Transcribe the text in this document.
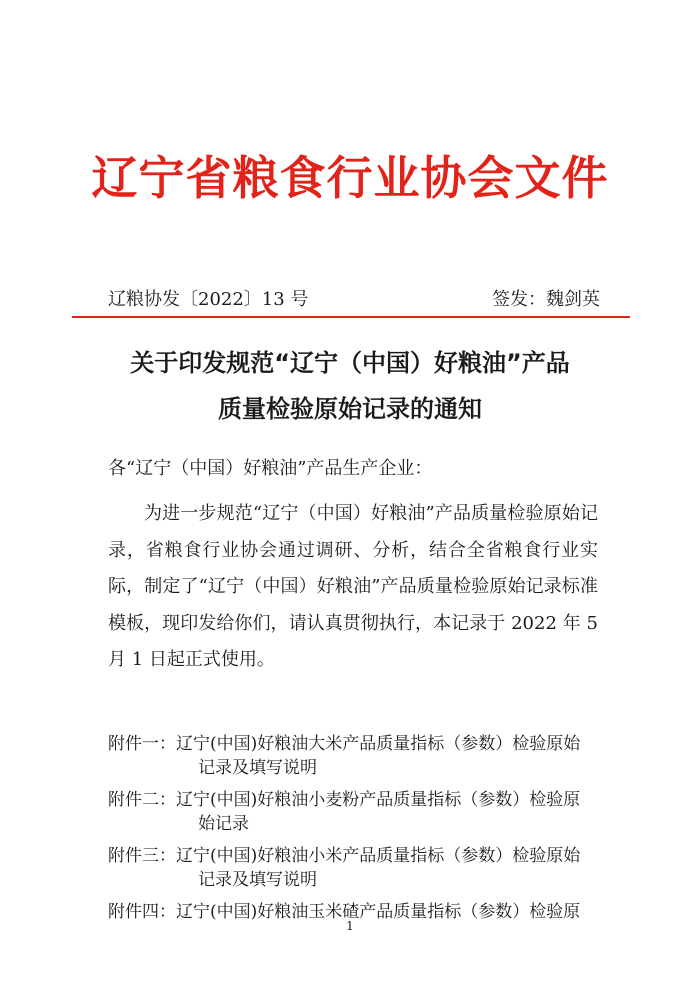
辽宁省粮食行业协会文件
辽粮协发〔2022〕13 号	签发：魏剑英
关于印发规范“辽宁（中国）好粮油”产品
质量检验原始记录的通知
各“辽宁（中国）好粮油”产品生产企业：
为进一步规范“辽宁（中国）好粮油”产品质量检验原始记录，省粮食行业协会通过调研、分析，结合全省粮食行业实际，制定了“辽宁（中国）好粮油”产品质量检验原始记录标准模板，现印发给你们，请认真贯彻执行，本记录于 2022 年 5 月 1 日起正式使用。
附件一：辽宁(中国)好粮油大米产品质量指标（参数）检验原始
记录及填写说明
附件二：辽宁(中国)好粮油小麦粉产品质量指标（参数）检验原
始记录
附件三：辽宁(中国)好粮油小米产品质量指标（参数）检验原始
记录及填写说明
附件四：辽宁(中国)好粮油玉米碴产品质量指标（参数）检验原
1
